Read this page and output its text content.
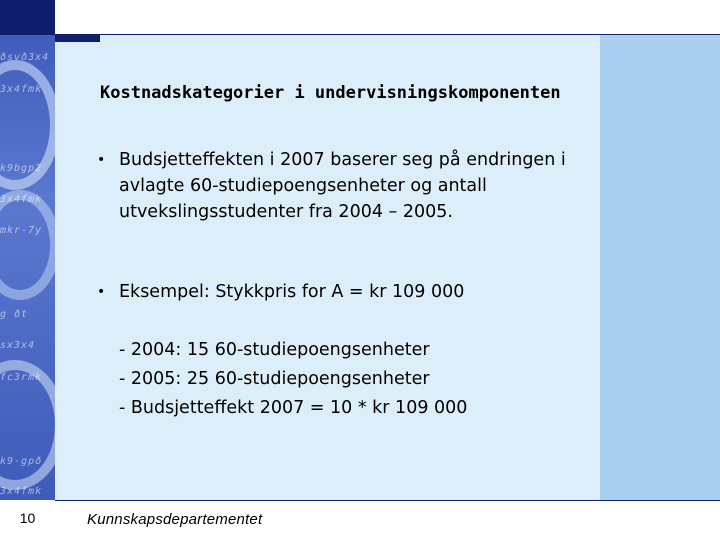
ðsvð3x4
3x4fmk
k9bgp2
3x4fmk
mkr-7y
g ðt
sx3x4
fc3rmk
k9-gpð
3x4fmk
Kostnadskategorier i undervisningskomponenten
• Budsjetteffekten i 2007 baserer seg på endringen i avlagte 60-studiepoengsenheter og antall utvekslingsstudenter fra 2004 – 2005.
• Eksempel: Stykkpris for A = kr 109 000
- 2004: 15 60-studiepoengsenheter
- 2005: 25 60-studiepoengsenheter
- Budsjetteffekt 2007 = 10 * kr 109 000
10	Kunnskapsdepartementet
